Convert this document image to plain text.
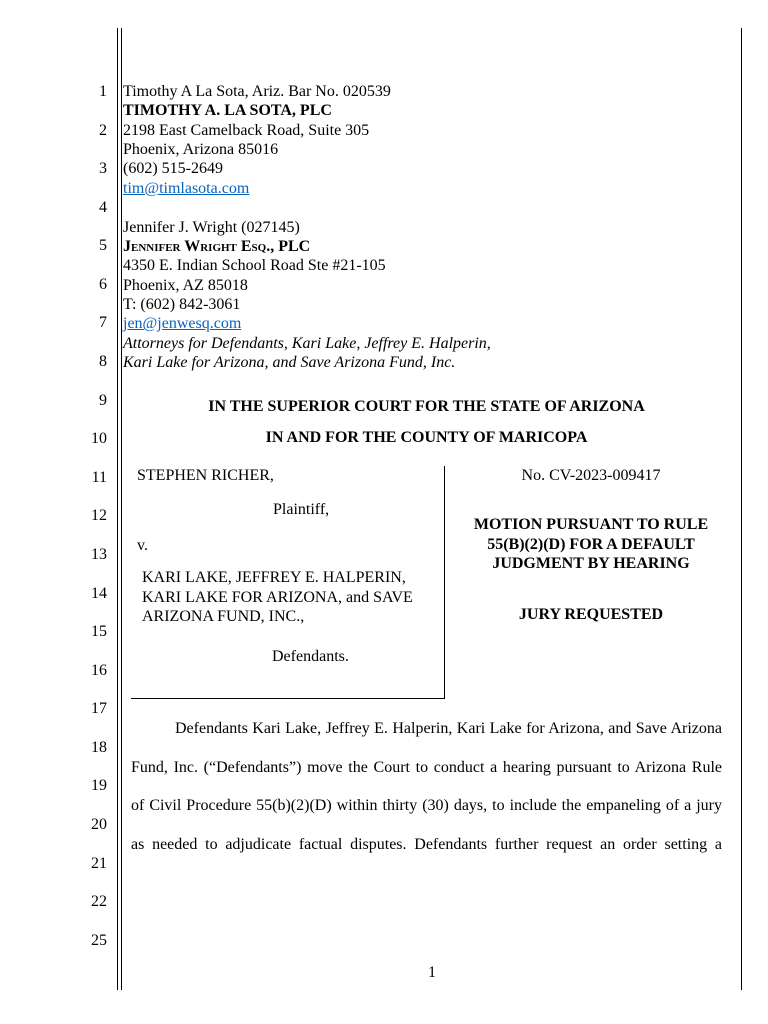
1
2
3
4
5
6
7
8
9
10
11
12
13
14
15
16
17
18
19
20
21
22
25
Timothy A La Sota, Ariz. Bar No. 020539
TIMOTHY A. LA SOTA, PLC
2198 East Camelback Road, Suite 305
Phoenix, Arizona 85016
(602) 515-2649
tim@timlasota.com
Jennifer J. Wright (027145)
Jennifer Wright Esq., PLC
4350 E. Indian School Road Ste #21-105
Phoenix, AZ 85018
T: (602) 842-3061
jen@jenwesq.com
Attorneys for Defendants, Kari Lake, Jeffrey E. Halperin,
Kari Lake for Arizona, and Save Arizona Fund, Inc.
IN THE SUPERIOR COURT FOR THE STATE OF ARIZONA
IN AND FOR THE COUNTY OF MARICOPA
STEPHEN RICHER,
Plaintiff,
v.
KARI LAKE, JEFFREY E. HALPERIN,
KARI LAKE FOR ARIZONA, and SAVE
ARIZONA FUND, INC.,
Defendants.
No. CV-2023-009417
MOTION PURSUANT TO RULE
55(B)(2)(D) FOR A DEFAULT
JUDGMENT BY HEARING
JURY REQUESTED
Defendants Kari Lake, Jeffrey E. Halperin, Kari Lake for Arizona, and Save Arizona
Fund, Inc. (“Defendants”) move the Court to conduct a hearing pursuant to Arizona Rule
of Civil Procedure 55(b)(2)(D) within thirty (30) days, to include the empaneling of a jury
as needed to adjudicate factual disputes. Defendants further request an order setting a
1
